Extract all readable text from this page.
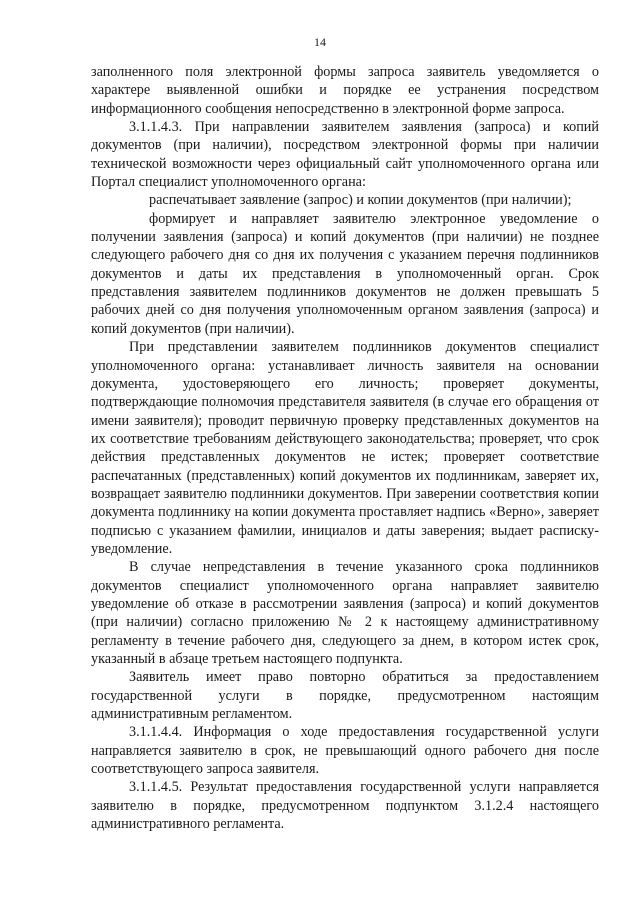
14

заполненного поля электронной формы запроса заявитель уведомляется о характере выявленной ошибки и порядке ее устранения посредством информационного сообщения непосредственно в электронной форме запроса.

3.1.1.4.3. При направлении заявителем заявления (запроса) и копий документов (при наличии), посредством электронной формы при наличии технической возможности через официальный сайт уполномоченного органа или Портал специалист уполномоченного органа:

распечатывает заявление (запрос) и копии документов (при наличии);

формирует и направляет заявителю электронное уведомление о получении заявления (запроса) и копий документов (при наличии) не позднее следующего рабочего дня со дня их получения с указанием перечня подлинников документов и даты их представления в уполномоченный орган. Срок представления заявителем подлинников документов не должен превышать 5 рабочих дней со дня получения уполномоченным органом заявления (запроса) и копий документов (при наличии).

При представлении заявителем подлинников документов специалист уполномоченного органа: устанавливает личность заявителя на основании документа, удостоверяющего его личность; проверяет документы, подтверждающие полномочия представителя заявителя (в случае его обращения от имени заявителя); проводит первичную проверку представленных документов на их соответствие требованиям действующего законодательства; проверяет, что срок действия представленных документов не истек; проверяет соответствие распечатанных (представленных) копий документов их подлинникам, заверяет их, возвращает заявителю подлинники документов. При заверении соответствия копии документа подлиннику на копии документа проставляет надпись «Верно», заверяет подписью с указанием фамилии, инициалов и даты заверения; выдает расписку-уведомление.

В случае непредставления в течение указанного срока подлинников документов специалист уполномоченного органа направляет заявителю уведомление об отказе в рассмотрении заявления (запроса) и копий документов (при наличии) согласно приложению № 2 к настоящему административному регламенту в течение рабочего дня, следующего за днем, в котором истек срок, указанный в абзаце третьем настоящего подпункта.

Заявитель имеет право повторно обратиться за предоставлением государственной услуги в порядке, предусмотренном настоящим административным регламентом.

3.1.1.4.4. Информация о ходе предоставления государственной услуги направляется заявителю в срок, не превышающий одного рабочего дня после соответствующего запроса заявителя.

3.1.1.4.5. Результат предоставления государственной услуги направляется заявителю в порядке, предусмотренном подпунктом 3.1.2.4 настоящего административного регламента.
